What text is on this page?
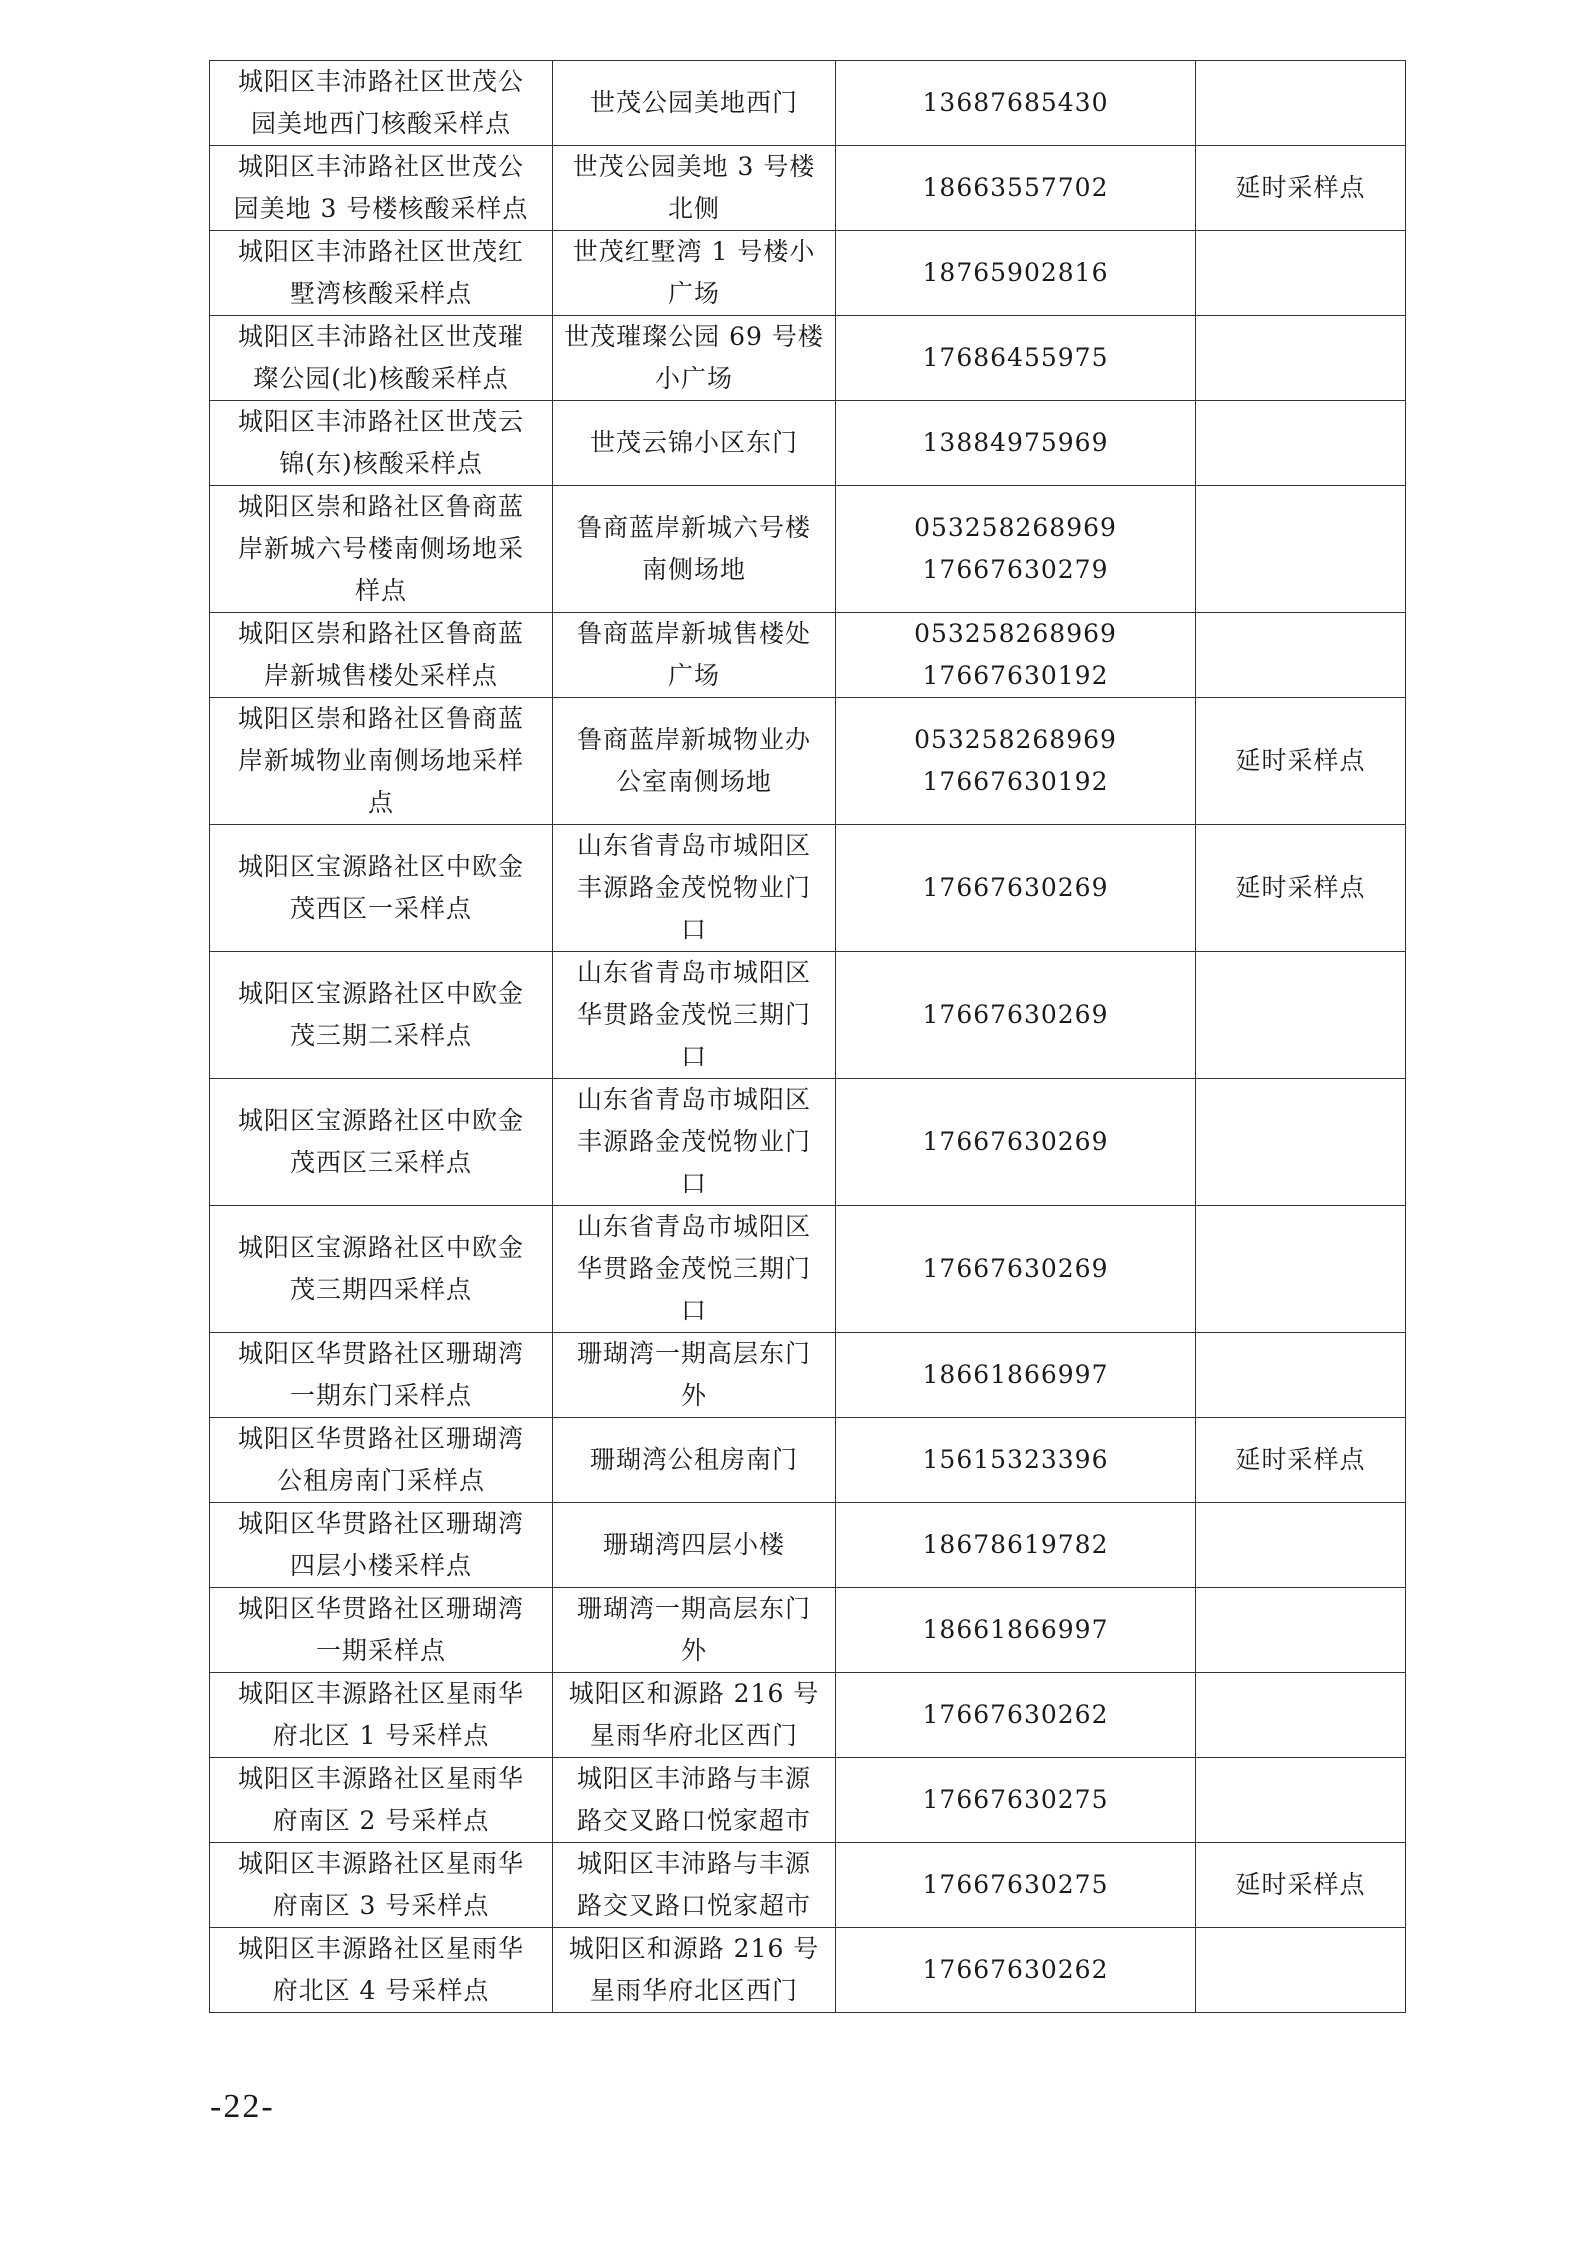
城阳区丰沛路社区世茂公
园美地西门核酸采样点	世茂公园美地西门	13687685430	

城阳区丰沛路社区世茂公
园美地 3 号楼核酸采样点	世茂公园美地 3 号楼
北侧	18663557702	延时采样点

城阳区丰沛路社区世茂红
墅湾核酸采样点	世茂红墅湾 1 号楼小
广场	18765902816	

城阳区丰沛路社区世茂璀
璨公园(北)核酸采样点	世茂璀璨公园 69 号楼
小广场	17686455975	

城阳区丰沛路社区世茂云
锦(东)核酸采样点	世茂云锦小区东门	13884975969	

城阳区崇和路社区鲁商蓝
岸新城六号楼南侧场地采
样点	鲁商蓝岸新城六号楼
南侧场地	053258268969
17667630279	

城阳区崇和路社区鲁商蓝
岸新城售楼处采样点	鲁商蓝岸新城售楼处
广场	053258268969
17667630192	

城阳区崇和路社区鲁商蓝
岸新城物业南侧场地采样
点	鲁商蓝岸新城物业办
公室南侧场地	053258268969
17667630192	延时采样点

城阳区宝源路社区中欧金
茂西区一采样点	山东省青岛市城阳区
丰源路金茂悦物业门
口	17667630269	延时采样点

城阳区宝源路社区中欧金
茂三期二采样点	山东省青岛市城阳区
华贯路金茂悦三期门
口	17667630269	

城阳区宝源路社区中欧金
茂西区三采样点	山东省青岛市城阳区
丰源路金茂悦物业门
口	17667630269	

城阳区宝源路社区中欧金
茂三期四采样点	山东省青岛市城阳区
华贯路金茂悦三期门
口	17667630269	

城阳区华贯路社区珊瑚湾
一期东门采样点	珊瑚湾一期高层东门
外	18661866997	

城阳区华贯路社区珊瑚湾
公租房南门采样点	珊瑚湾公租房南门	15615323396	延时采样点

城阳区华贯路社区珊瑚湾
四层小楼采样点	珊瑚湾四层小楼	18678619782	

城阳区华贯路社区珊瑚湾
一期采样点	珊瑚湾一期高层东门
外	18661866997	

城阳区丰源路社区星雨华
府北区 1 号采样点	城阳区和源路 216 号
星雨华府北区西门	17667630262	

城阳区丰源路社区星雨华
府南区 2 号采样点	城阳区丰沛路与丰源
路交叉路口悦家超市	17667630275	

城阳区丰源路社区星雨华
府南区 3 号采样点	城阳区丰沛路与丰源
路交叉路口悦家超市	17667630275	延时采样点

城阳区丰源路社区星雨华
府北区 4 号采样点	城阳区和源路 216 号
星雨华府北区西门	17667630262	

-22-
